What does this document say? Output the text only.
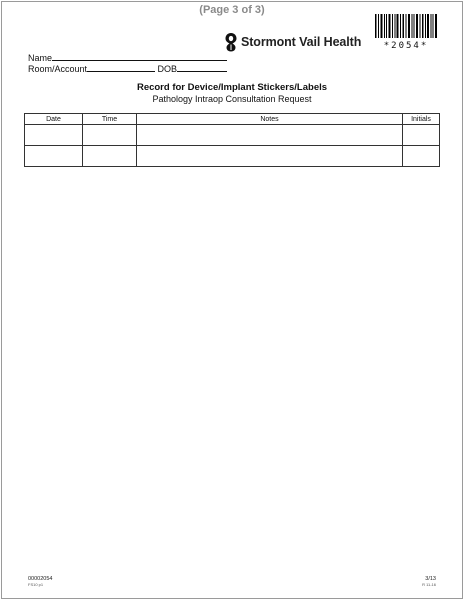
(Page 3 of 3)
*2054*
Stormont Vail Health
Name
Room/Account	DOB
Record for Device/Implant Stickers/Labels
Pathology Intraop Consultation Request
Date	Time	Notes	Initials

00002054
FS10 p1
3/13
R 11-16
